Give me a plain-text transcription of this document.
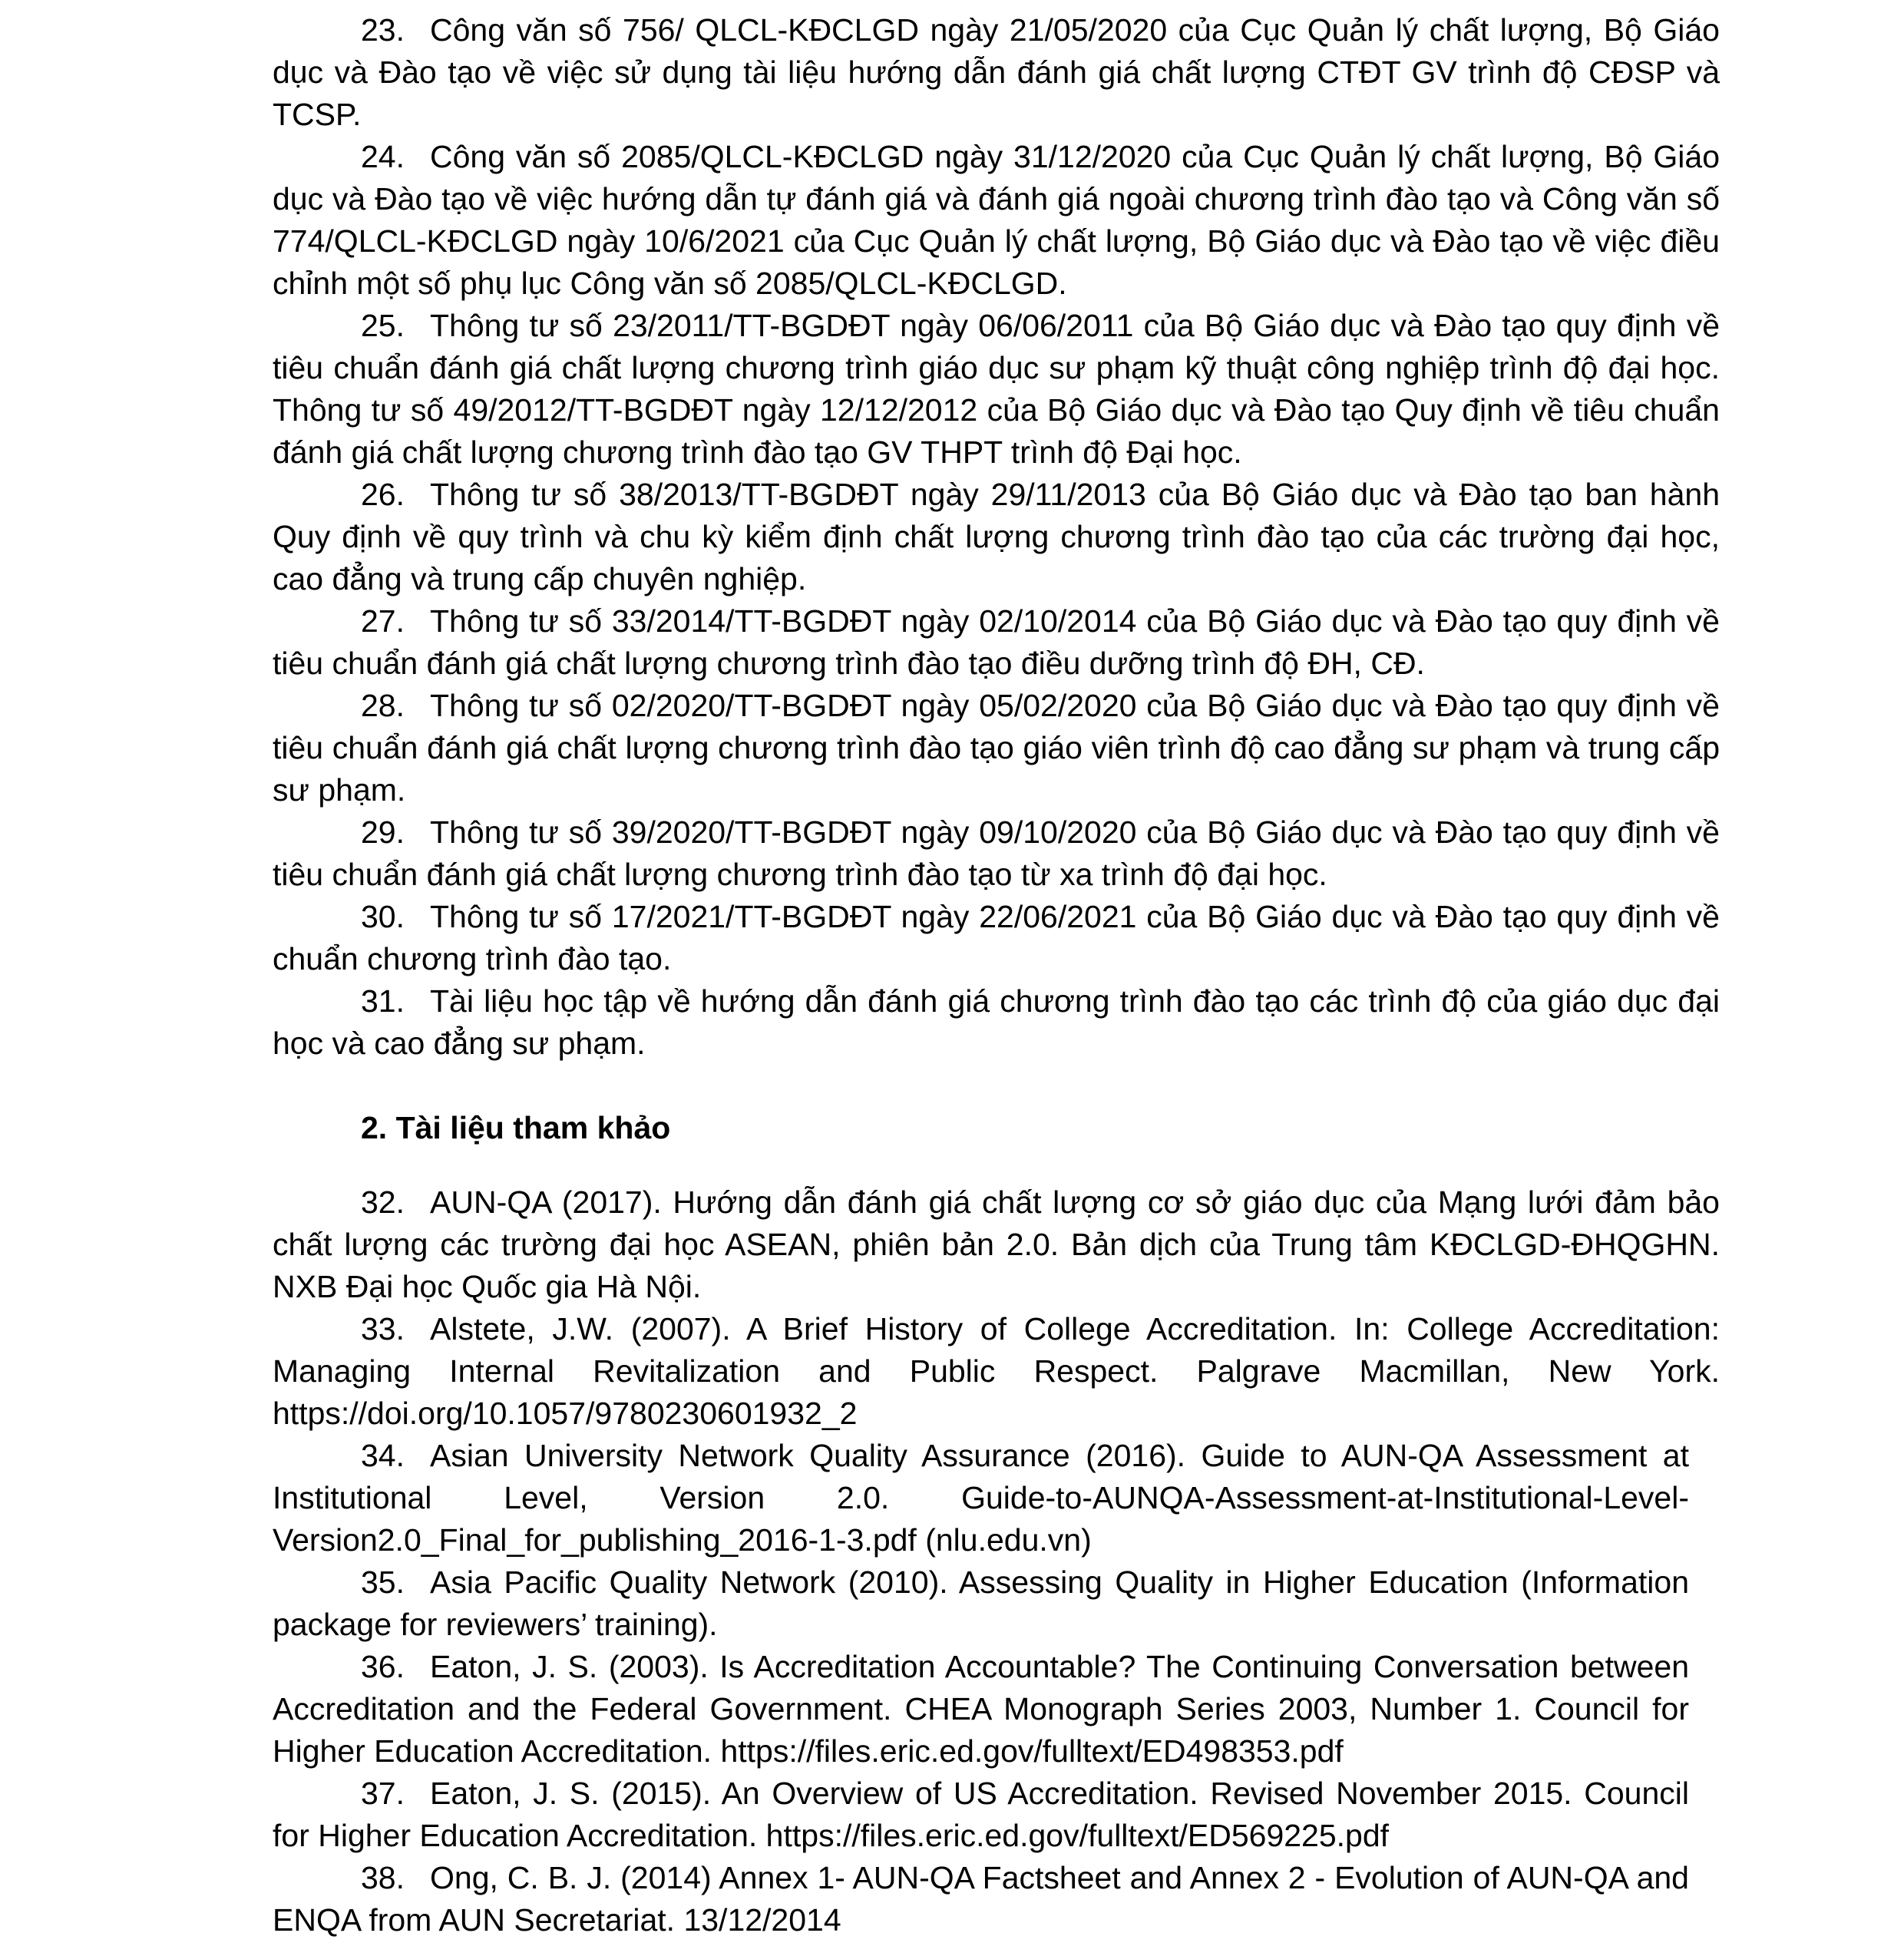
23. Công văn số 756/ QLCL-KĐCLGD ngày 21/05/2020 của Cục Quản lý chất lượng, Bộ Giáo dục và Đào tạo về việc sử dụng tài liệu hướng dẫn đánh giá chất lượng CTĐT GV trình độ CĐSP và TCSP.

24. Công văn số 2085/QLCL-KĐCLGD ngày 31/12/2020 của Cục Quản lý chất lượng, Bộ Giáo dục và Đào tạo về việc hướng dẫn tự đánh giá và đánh giá ngoài chương trình đào tạo và Công văn số 774/QLCL-KĐCLGD ngày 10/6/2021 của Cục Quản lý chất lượng, Bộ Giáo dục và Đào tạo về việc điều chỉnh một số phụ lục Công văn số 2085/QLCL-KĐCLGD.

25. Thông tư số 23/2011/TT-BGDĐT ngày 06/06/2011 của Bộ Giáo dục và Đào tạo quy định về tiêu chuẩn đánh giá chất lượng chương trình giáo dục sư phạm kỹ thuật công nghiệp trình độ đại học. Thông tư số 49/2012/TT-BGDĐT ngày 12/12/2012 của Bộ Giáo dục và Đào tạo Quy định về tiêu chuẩn đánh giá chất lượng chương trình đào tạo GV THPT trình độ Đại học.

26. Thông tư số 38/2013/TT-BGDĐT ngày 29/11/2013 của Bộ Giáo dục và Đào tạo ban hành Quy định về quy trình và chu kỳ kiểm định chất lượng chương trình đào tạo của các trường đại học, cao đẳng và trung cấp chuyên nghiệp.

27. Thông tư số 33/2014/TT-BGDĐT ngày 02/10/2014 của Bộ Giáo dục và Đào tạo quy định về tiêu chuẩn đánh giá chất lượng chương trình đào tạo điều dưỡng trình độ ĐH, CĐ.

28. Thông tư số 02/2020/TT-BGDĐT ngày 05/02/2020 của Bộ Giáo dục và Đào tạo quy định về tiêu chuẩn đánh giá chất lượng chương trình đào tạo giáo viên trình độ cao đẳng sư phạm và trung cấp sư phạm.

29. Thông tư số 39/2020/TT-BGDĐT ngày 09/10/2020 của Bộ Giáo dục và Đào tạo quy định về tiêu chuẩn đánh giá chất lượng chương trình đào tạo từ xa trình độ đại học.

30. Thông tư số 17/2021/TT-BGDĐT ngày 22/06/2021 của Bộ Giáo dục và Đào tạo quy định về chuẩn chương trình đào tạo.

31. Tài liệu học tập về hướng dẫn đánh giá chương trình đào tạo các trình độ của giáo dục đại học và cao đẳng sư phạm.

2. Tài liệu tham khảo

32. AUN-QA (2017). Hướng dẫn đánh giá chất lượng cơ sở giáo dục của Mạng lưới đảm bảo chất lượng các trường đại học ASEAN, phiên bản 2.0. Bản dịch của Trung tâm KĐCLGD-ĐHQGHN. NXB Đại học Quốc gia Hà Nội.

33. Alstete, J.W. (2007). A Brief History of College Accreditation. In: College Accreditation: Managing Internal Revitalization and Public Respect. Palgrave Macmillan, New York. https://doi.org/10.1057/9780230601932_2

34. Asian University Network Quality Assurance (2016). Guide to AUN-QA Assessment at Institutional Level, Version 2.0. Guide-to-AUNQA-Assessment-at-Institutional-Level-Version2.0_Final_for_publishing_2016-1-3.pdf (nlu.edu.vn)

35. Asia Pacific Quality Network (2010). Assessing Quality in Higher Education (Information package for reviewers’ training).

36. Eaton, J. S. (2003). Is Accreditation Accountable? The Continuing Conversation between Accreditation and the Federal Government. CHEA Monograph Series 2003, Number 1. Council for Higher Education Accreditation. https://files.eric.ed.gov/fulltext/ED498353.pdf

37. Eaton, J. S. (2015). An Overview of US Accreditation. Revised November 2015. Council for Higher Education Accreditation. https://files.eric.ed.gov/fulltext/ED569225.pdf

38. Ong, C. B. J. (2014) Annex 1- AUN-QA Factsheet and Annex 2 - Evolution of AUN-QA and ENQA from AUN Secretariat. 13/12/2014
